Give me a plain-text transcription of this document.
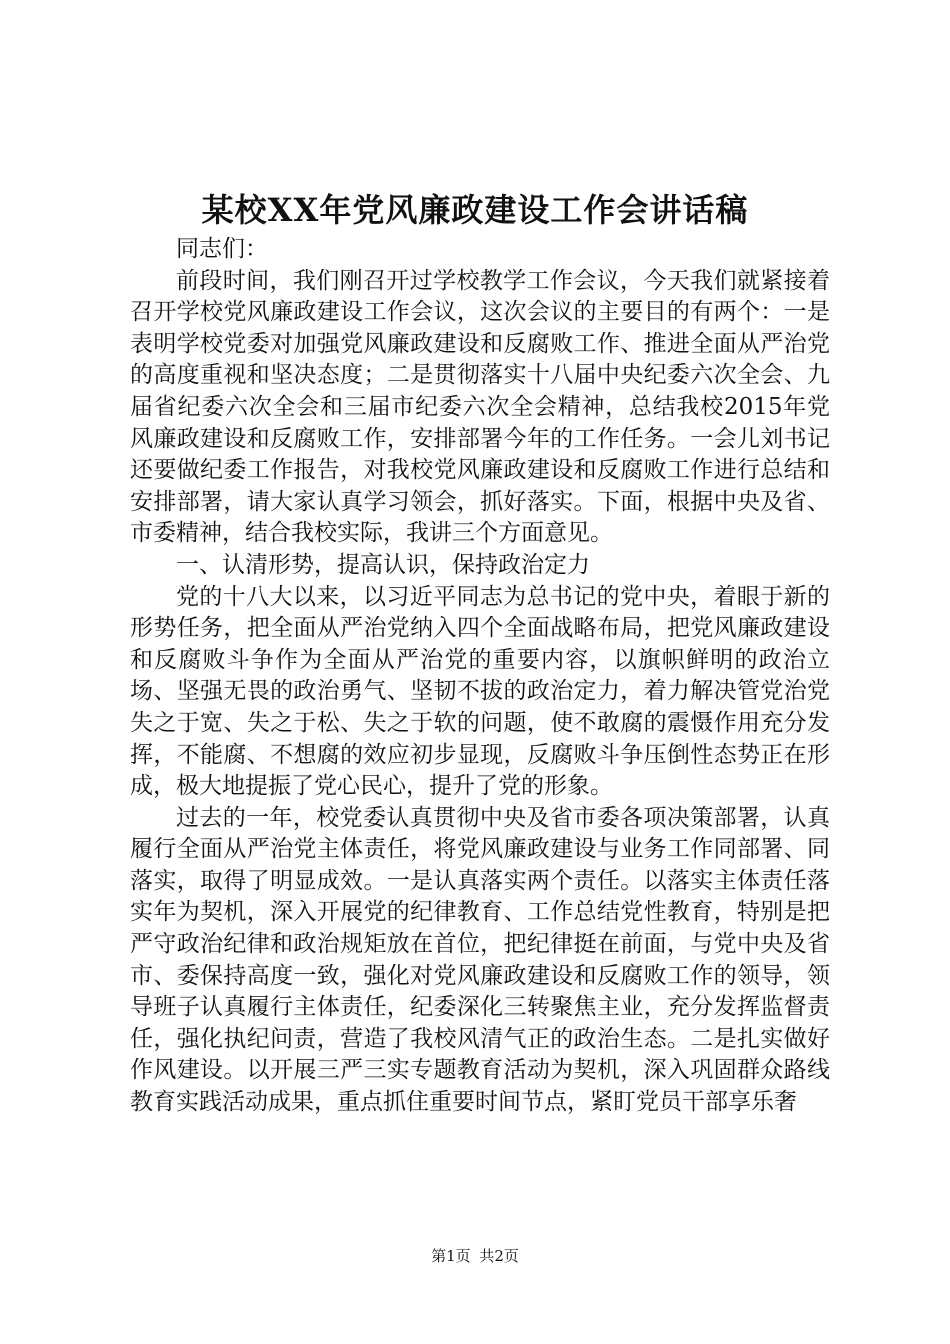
某校XX年党风廉政建设工作会讲话稿

同志们：

前段时间，我们刚召开过学校教学工作会议，今天我们就紧接着召开学校党风廉政建设工作会议，这次会议的主要目的有两个：一是表明学校党委对加强党风廉政建设和反腐败工作、推进全面从严治党的高度重视和坚决态度；二是贯彻落实十八届中央纪委六次全会、九届省纪委六次全会和三届市纪委六次全会精神，总结我校2015年党风廉政建设和反腐败工作，安排部署今年的工作任务。一会儿刘书记还要做纪委工作报告，对我校党风廉政建设和反腐败工作进行总结和安排部署，请大家认真学习领会，抓好落实。下面，根据中央及省、市委精神，结合我校实际，我讲三个方面意见。

一、认清形势，提高认识，保持政治定力

党的十八大以来，以习近平同志为总书记的党中央，着眼于新的形势任务，把全面从严治党纳入四个全面战略布局，把党风廉政建设和反腐败斗争作为全面从严治党的重要内容，以旗帜鲜明的政治立场、坚强无畏的政治勇气、坚韧不拔的政治定力，着力解决管党治党失之于宽、失之于松、失之于软的问题，使不敢腐的震慑作用充分发挥，不能腐、不想腐的效应初步显现，反腐败斗争压倒性态势正在形成，极大地提振了党心民心，提升了党的形象。

过去的一年，校党委认真贯彻中央及省市委各项决策部署，认真履行全面从严治党主体责任，将党风廉政建设与业务工作同部署、同落实，取得了明显成效。一是认真落实两个责任。以落实主体责任落实年为契机，深入开展党的纪律教育、工作总结党性教育，特别是把严守政治纪律和政治规矩放在首位，把纪律挺在前面，与党中央及省市、委保持高度一致，强化对党风廉政建设和反腐败工作的领导，领导班子认真履行主体责任，纪委深化三转聚焦主业，充分发挥监督责任，强化执纪问责，营造了我校风清气正的政治生态。二是扎实做好作风建设。以开展三严三实专题教育活动为契机，深入巩固群众路线教育实践活动成果，重点抓住重要时间节点，紧盯党员干部享乐奢

第1页 共2页
